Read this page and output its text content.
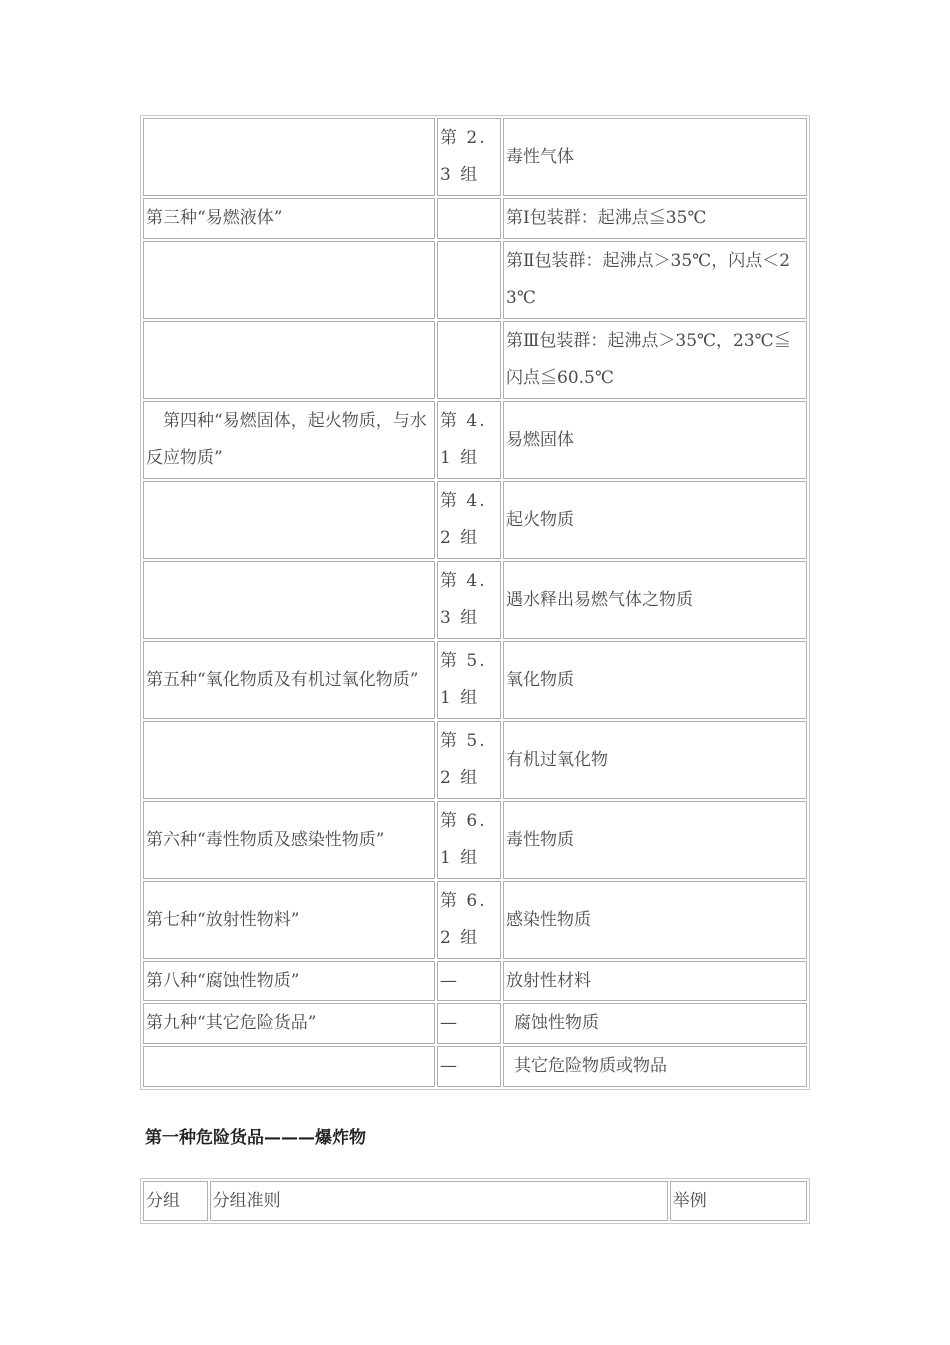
	第 2.3 组	毒性气体
第三种“易燃液体”		第Ⅰ包装群：起沸点≦35℃
		第Ⅱ包装群：起沸点＞35℃，闪点＜23℃
		第Ⅲ包装群：起沸点＞35℃，23℃≦闪点≦60.5℃
　第四种“易燃固体，起火物质，与水反应物质”	第 4.1 组	易燃固体
	第 4.2 组	起火物质
	第 4.3 组	遇水释出易燃气体之物质
第五种“氧化物质及有机过氧化物质”	第 5.1 组	氧化物质
	第 5.2 组	有机过氧化物
第六种“毒性物质及感染性物质”	第 6.1 组	毒性物质
第七种“放射性物料”	第 6.2 组	感染性物质
第八种“腐蚀性物质”	—	放射性材料
第九种“其它危险货品”	—	腐蚀性物质
	—	其它危险物质或物品
第一种危险货品———爆炸物
分组	分组准则	举例
